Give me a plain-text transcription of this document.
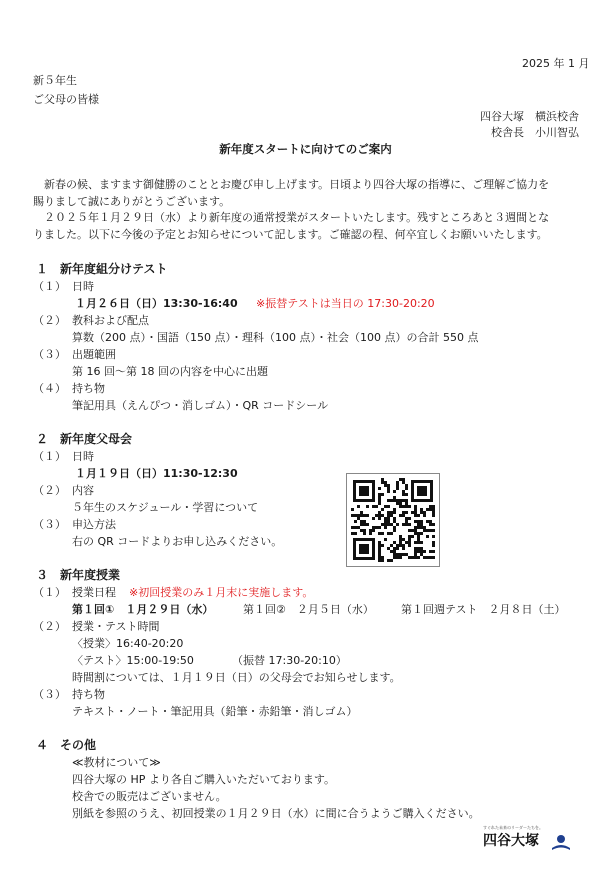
2025 年 1 月
新５年生
ご父母の皆様
四谷大塚　横浜校舎
校舎長　小川智弘
新年度スタートに向けてのご案内
新春の候、ますます御健勝のこととお慶び申し上げます。日頃より四谷大塚の指導に、ご理解ご協力を
賜りまして誠にありがとうございます。
２０２５年１月２９日（水）より新年度の通常授業がスタートいたします。残すところあと３週間とな
りました。以下に今後の予定とお知らせについて記します。ご確認の程、何卒宜しくお願いいたします。
１　新年度組分けテスト
（１） 日時
１月２６日（日）13:30-16:40 ※振替テストは当日の 17:30-20:20
（２） 教科および配点
算数（200 点）・国語（150 点）・理科（100 点）・社会（100 点）の合計 550 点
（３） 出題範囲
第 16 回〜第 18 回の内容を中心に出題
（４） 持ち物
筆記用具（えんぴつ・消しゴム）・QR コードシール
２　新年度父母会
（１） 日時
１月１９日（日）11:30-12:30
（２） 内容
５年生のスケジュール・学習について
（３） 申込方法
右の QR コードよりお申し込みください。
３　新年度授業
（１） 授業日程 ※初回授業のみ１月末に実施します。
第１回①　１月２９日（水）	第１回②　２月５日（水） 第１回週テスト　２月８日（土）
（２） 授業・テスト時間
〈授業〉16:40-20:20
〈テスト〉15:00-19:50	（振替 17:30-20:10）
時間割については、１月１９日（日）の父母会でお知らせします。
（３） 持ち物
テキスト・ノート・筆記用具（鉛筆・赤鉛筆・消しゴム）
４　その他
≪教材について≫
四谷大塚の HP より各自ご購入いただいております。
校舎での販売はございません。
別紙を参照のうえ、初回授業の１月２９日（水）に間に合うようご購入ください。
すぐれた未来のリーダーたちを。
四谷大塚
